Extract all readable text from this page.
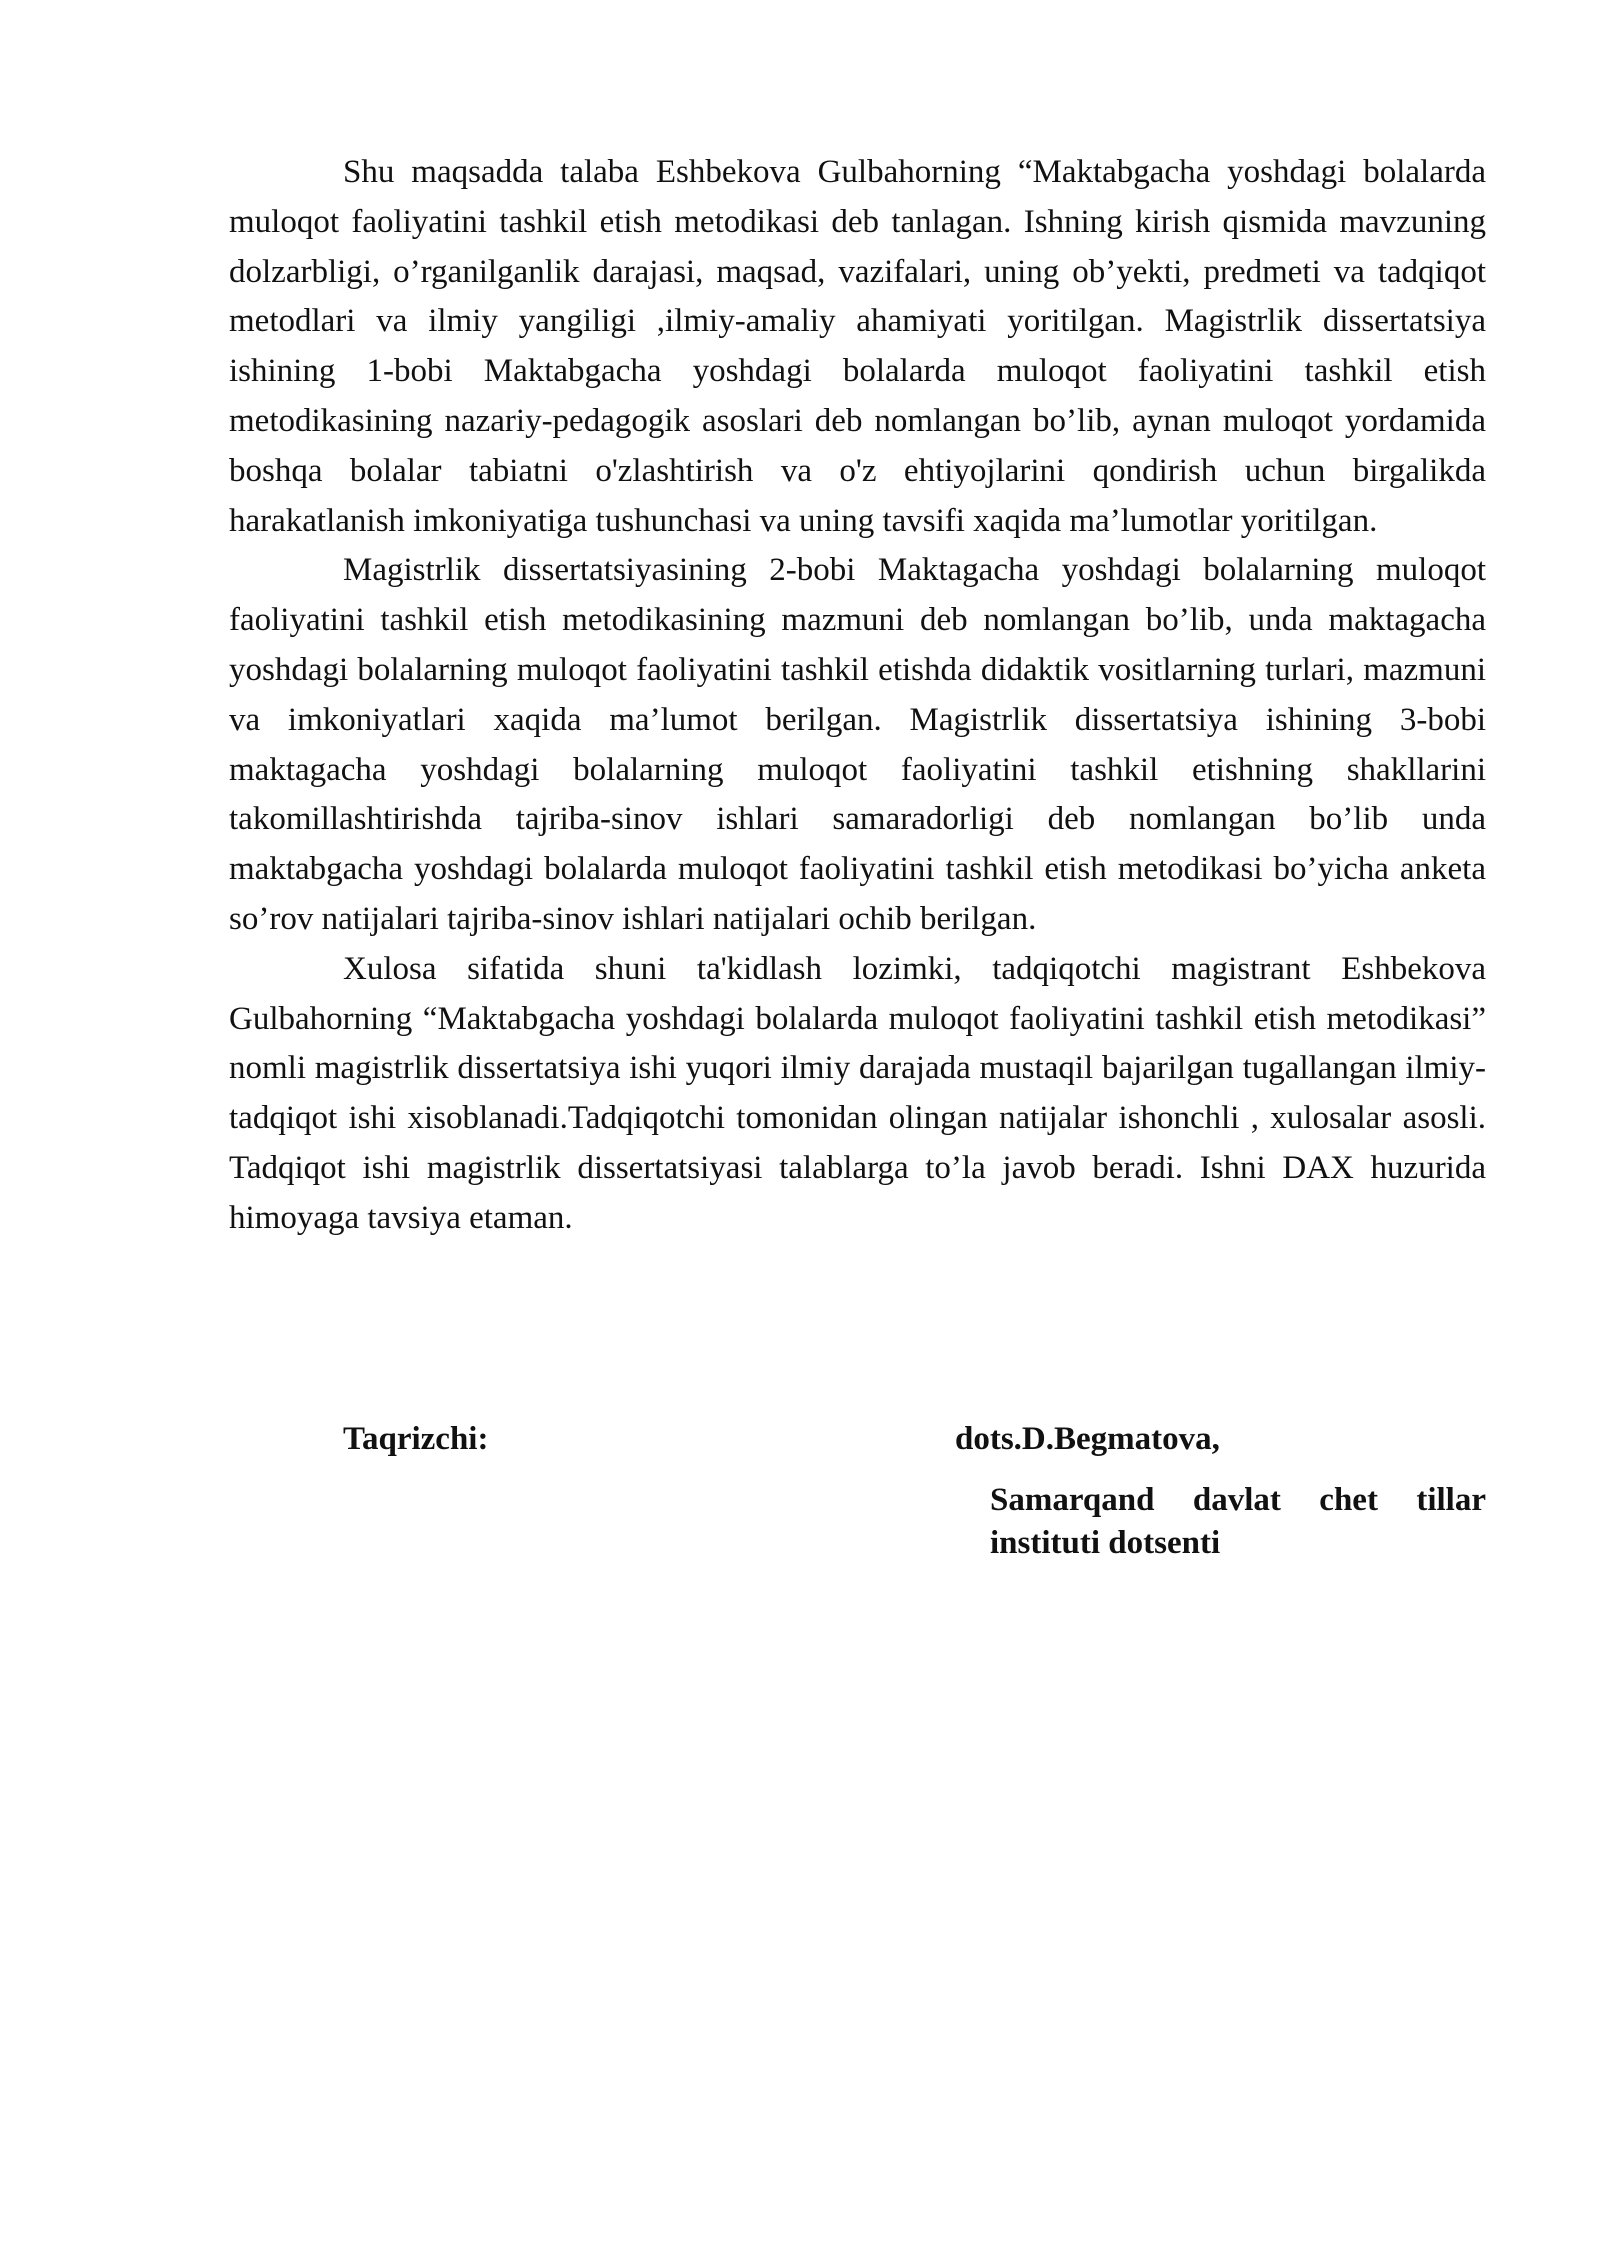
Shu maqsadda talaba Eshbekova Gulbahorning “Maktabgacha yoshdagi bolalarda muloqot faoliyatini tashkil etish metodikasi deb tanlagan. Ishning kirish qismida mavzuning dolzarbligi, o’rganilganlik darajasi, maqsad, vazifalari, uning ob’yekti, predmeti va tadqiqot metodlari va ilmiy yangiligi ,ilmiy-amaliy ahamiyati yoritilgan. Magistrlik dissertatsiya ishining 1-bobi Maktabgacha yoshdagi bolalarda muloqot faoliyatini tashkil etish metodikasining nazariy-pedagogik asoslari deb nomlangan bo’lib, aynan muloqot yordamida boshqa bolalar tabiatni o'zlashtirish va o'z ehtiyojlarini qondirish uchun birgalikda harakatlanish imkoniyatiga tushunchasi va uning tavsifi xaqida ma’lumotlar yoritilgan.

Magistrlik dissertatsiyasining 2-bobi Maktagacha yoshdagi bolalarning muloqot faoliyatini tashkil etish metodikasining mazmuni deb nomlangan bo’lib, unda maktagacha yoshdagi bolalarning muloqot faoliyatini tashkil etishda didaktik vositlarning turlari, mazmuni va imkoniyatlari xaqida ma’lumot berilgan. Magistrlik dissertatsiya ishining 3-bobi maktagacha yoshdagi bolalarning muloqot faoliyatini tashkil etishning shakllarini takomillashtirishda tajriba-sinov ishlari samaradorligi deb nomlangan bo’lib unda maktabgacha yoshdagi bolalarda muloqot faoliyatini tashkil etish metodikasi bo’yicha anketa so’rov natijalari tajriba-sinov ishlari natijalari ochib berilgan.

Xulosa sifatida shuni ta'kidlash lozimki, tadqiqotchi magistrant Eshbekova Gulbahorning “Maktabgacha yoshdagi bolalarda muloqot faoliyatini tashkil etish metodikasi” nomli magistrlik dissertatsiya ishi yuqori ilmiy darajada mustaqil bajarilgan tugallangan ilmiy-tadqiqot ishi xisoblanadi.Tadqiqotchi tomonidan olingan natijalar ishonchli , xulosalar asosli. Tadqiqot ishi magistrlik dissertatsiyasi talablarga to’la javob beradi. Ishni DAX huzurida himoyaga tavsiya etaman.

Taqrizchi:	dots.D.Begmatova,
Samarqand davlat chet tillar instituti dotsenti
